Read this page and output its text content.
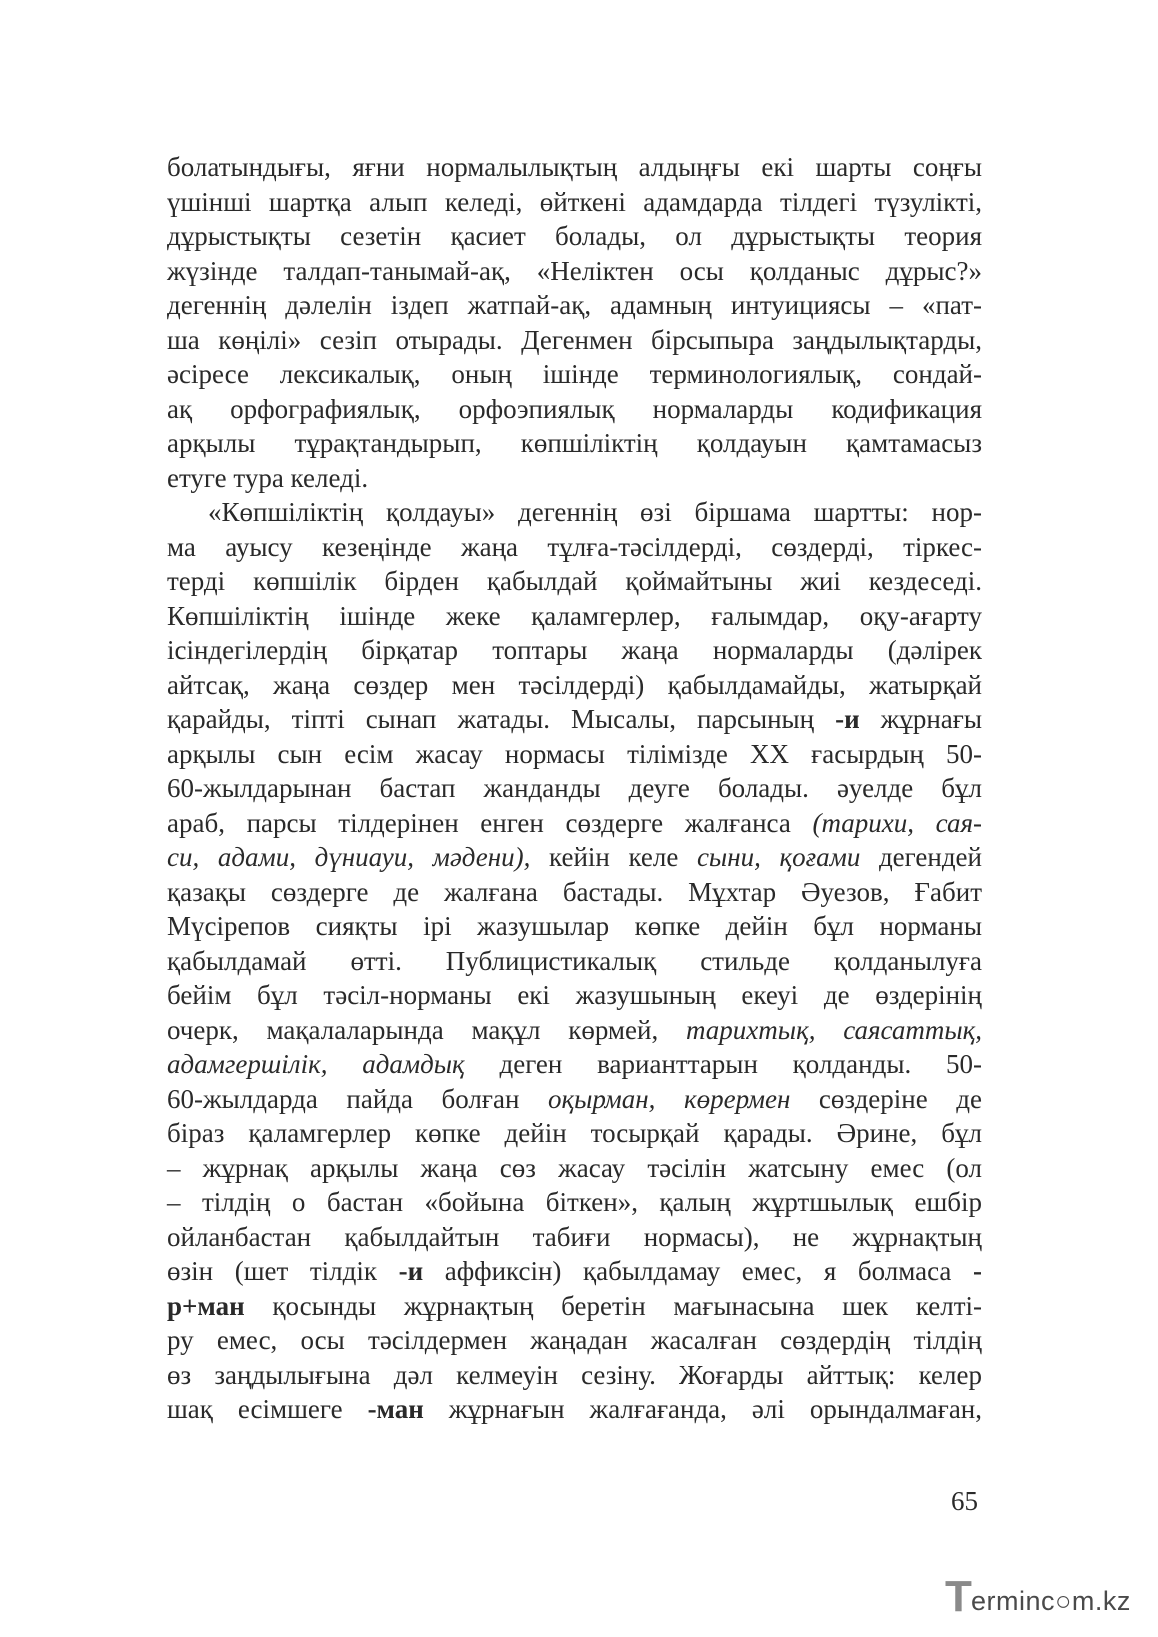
болатындығы, яғни нормалылықтың алдыңғы екі шарты соңғы
үшінші шартқа алып келеді, өйткені адамдарда тілдегі түзулікті,
дұрыстықты сезетін қасиет болады, ол дұрыстықты теория
жүзінде талдап-танымай-ақ, «Неліктен осы қолданыс дұрыс?»
дегеннің дәлелін іздеп жатпай-ақ, адамның интуициясы – «пат-
ша көңілі» сезіп отырады. Дегенмен бірсыпыра заңдылықтарды,
әсіресе лексикалық, оның ішінде терминологиялық, сондай-
ақ орфографиялық, орфоэпиялық нормаларды кодификация
арқылы тұрақтандырып, көпшіліктің қолдауын қамтамасыз
етуге тура келеді.
«Көпшіліктің қолдауы» дегеннің өзі біршама шартты: нор-
ма ауысу кезеңінде жаңа тұлға-тәсілдерді, сөздерді, тіркес-
терді көпшілік бірден қабылдай қоймайтыны жиі кездеседі.
Көпшіліктің ішінде жеке қаламгерлер, ғалымдар, оқу-ағарту
ісіндегілердің бірқатар топтары жаңа нормаларды (дәлірек
айтсақ, жаңа сөздер мен тәсілдерді) қабылдамайды, жатырқай
қарайды, тіпті сынап жатады. Мысалы, парсының -и жұрнағы
арқылы сын есім жасау нормасы тілімізде ХХ ғасырдың 50-
60-жылдарынан бастап жанданды деуге болады. әуелде бұл
араб, парсы тілдерінен енген сөздерге жалғанса (тарихи, сая-
си, адами, дүниауи, мәдени), кейін келе сыни, қоғами дегендей
қазақы сөздерге де жалғана бастады. Мұхтар Әуезов, Ғабит
Мүсірепов сияқты ірі жазушылар көпке дейін бұл норманы
қабылдамай өтті. Публицистикалық стильде қолданылуға
бейім бұл тәсіл-норманы екі жазушының екеуі де өздерінің
очерк, мақалаларында мақұл көрмей, тарихтық, саясаттық,
адамгершілік, адамдық деген варианттарын қолданды. 50-
60-жылдарда пайда болған оқырман, көрермен сөздеріне де
біраз қаламгерлер көпке дейін тосырқай қарады. Әрине, бұл
– жұрнақ арқылы жаңа сөз жасау тәсілін жатсыну емес (ол
– тілдің о бастан «бойына біткен», қалың жұртшылық ешбір
ойланбастан қабылдайтын табиғи нормасы), не жұрнақтың
өзін (шет тілдік -и аффиксін) қабылдамау емес, я болмаса -
р+ман қосынды жұрнақтың беретін мағынасына шек келті-
ру емес, осы тәсілдермен жаңадан жасалған сөздердің тілдің
өз заңдылығына дәл келмеуін сезіну. Жоғарды айттық: келер
шақ есімшеге -ман жұрнағын жалғағанда, әлі орындалмаған,
65
T erminc○m.kz
